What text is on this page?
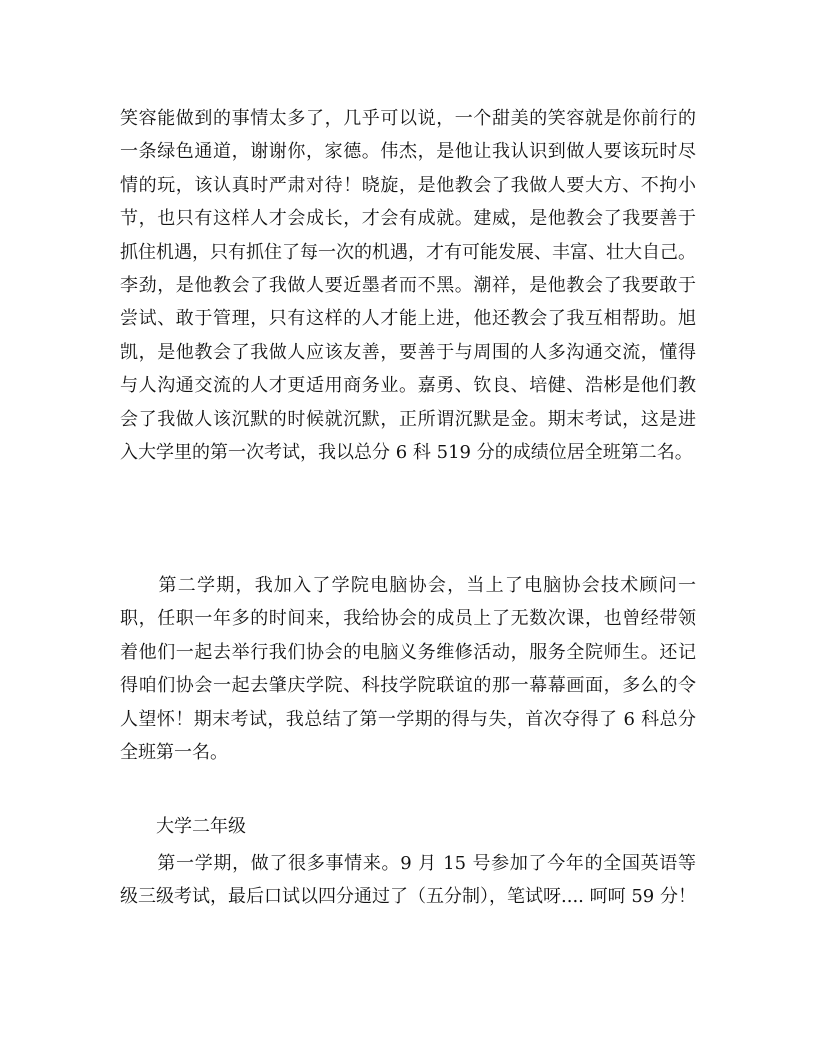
笑容能做到的事情太多了，几乎可以说，一个甜美的笑容就是你前行的
一条绿色通道，谢谢你，家德。伟杰，是他让我认识到做人要该玩时尽
情的玩，该认真时严肃对待！晓旋，是他教会了我做人要大方、不拘小
节，也只有这样人才会成长，才会有成就。建威，是他教会了我要善于
抓住机遇，只有抓住了每一次的机遇，才有可能发展、丰富、壮大自己。
李劲，是他教会了我做人要近墨者而不黑。潮祥，是他教会了我要敢于
尝试、敢于管理，只有这样的人才能上进，他还教会了我互相帮助。旭
凯，是他教会了我做人应该友善，要善于与周围的人多沟通交流，懂得
与人沟通交流的人才更适用商务业。嘉勇、钦良、培健、浩彬是他们教
会了我做人该沉默的时候就沉默，正所谓沉默是金。期末考试，这是进
入大学里的第一次考试，我以总分 6 科 519 分的成绩位居全班第二名。
　　第二学期，我加入了学院电脑协会，当上了电脑协会技术顾问一
职，任职一年多的时间来，我给协会的成员上了无数次课，也曾经带领
着他们一起去举行我们协会的电脑义务维修活动，服务全院师生。还记
得咱们协会一起去肇庆学院、科技学院联谊的那一幕幕画面，多么的令
人望怀！期末考试，我总结了第一学期的得与失，首次夺得了 6 科总分
全班第一名。
　　大学二年级
　　第一学期，做了很多事情来。9 月 15 号参加了今年的全国英语等
级三级考试，最后口试以四分通过了（五分制），笔试呀.... 呵呵 59 分！
